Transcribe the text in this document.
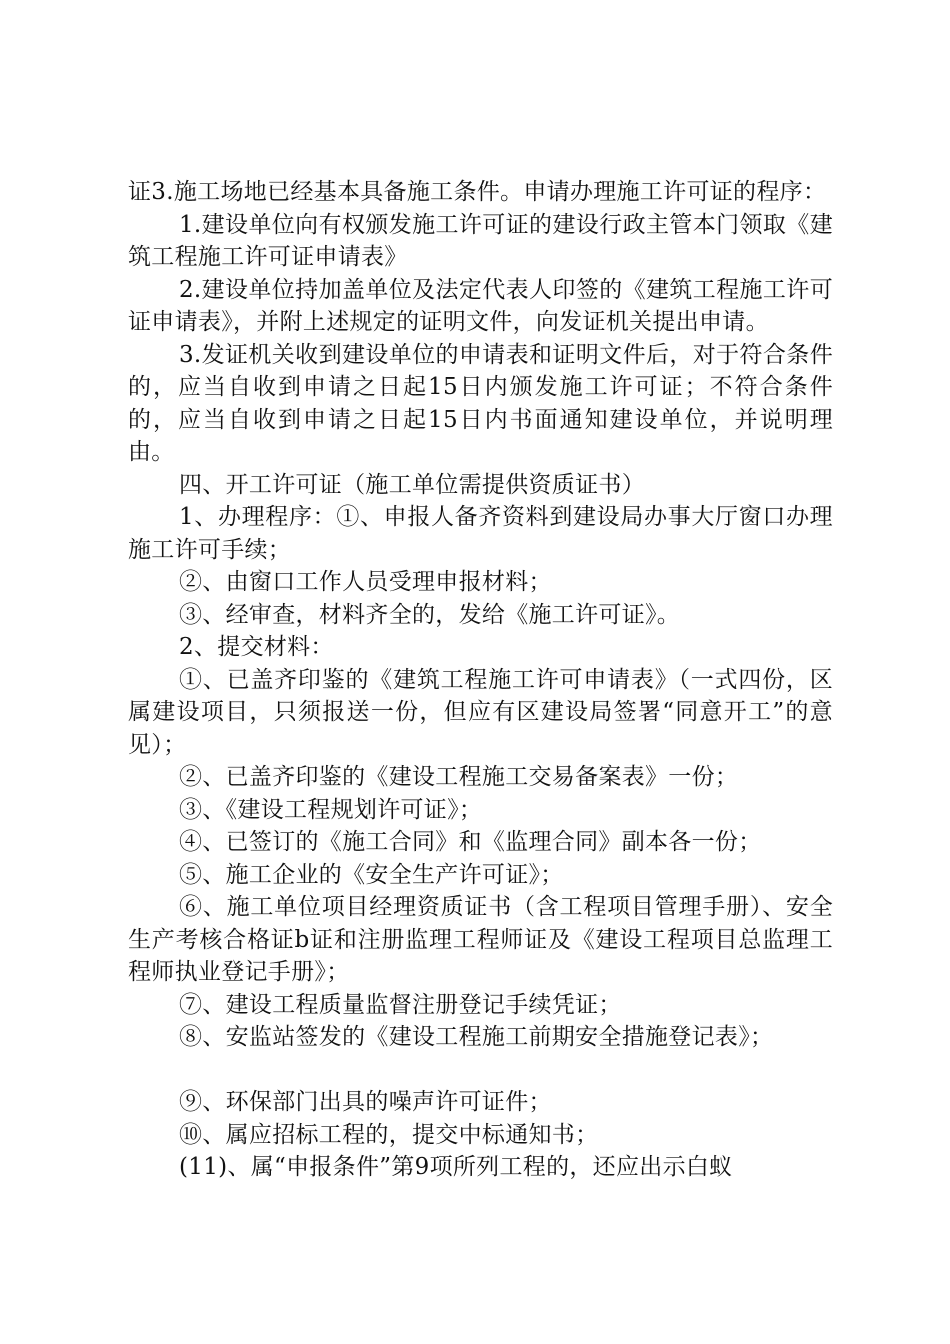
证3.施工场地已经基本具备施工条件。申请办理施工许可证的程序：

1.建设单位向有权颁发施工许可证的建设行政主管本门领取《建筑工程施工许可证申请表》

2.建设单位持加盖单位及法定代表人印签的《建筑工程施工许可证申请表》，并附上述规定的证明文件，向发证机关提出申请。

3.发证机关收到建设单位的申请表和证明文件后，对于符合条件的，应当自收到申请之日起15日内颁发施工许可证；不符合条件的，应当自收到申请之日起15日内书面通知建设单位，并说明理由。

四、开工许可证（施工单位需提供资质证书）

1、办理程序：①、申报人备齐资料到建设局办事大厅窗口办理施工许可手续；

②、由窗口工作人员受理申报材料；

③、经审查，材料齐全的，发给《施工许可证》。

2、提交材料：

①、已盖齐印鉴的《建筑工程施工许可申请表》（一式四份，区属建设项目，只须报送一份，但应有区建设局签署“同意开工”的意见）；

②、已盖齐印鉴的《建设工程施工交易备案表》一份；

③、《建设工程规划许可证》；

④、已签订的《施工合同》和《监理合同》副本各一份；

⑤、施工企业的《安全生产许可证》；

⑥、施工单位项目经理资质证书（含工程项目管理手册）、安全生产考核合格证b证和注册监理工程师证及《建设工程项目总监理工程师执业登记手册》；

⑦、建设工程质量监督注册登记手续凭证；

⑧、安监站签发的《建设工程施工前期安全措施登记表》；

⑨、环保部门出具的噪声许可证件；

⑩、属应招标工程的，提交中标通知书；

(11)、属“申报条件”第9项所列工程的，还应出示白蚁
